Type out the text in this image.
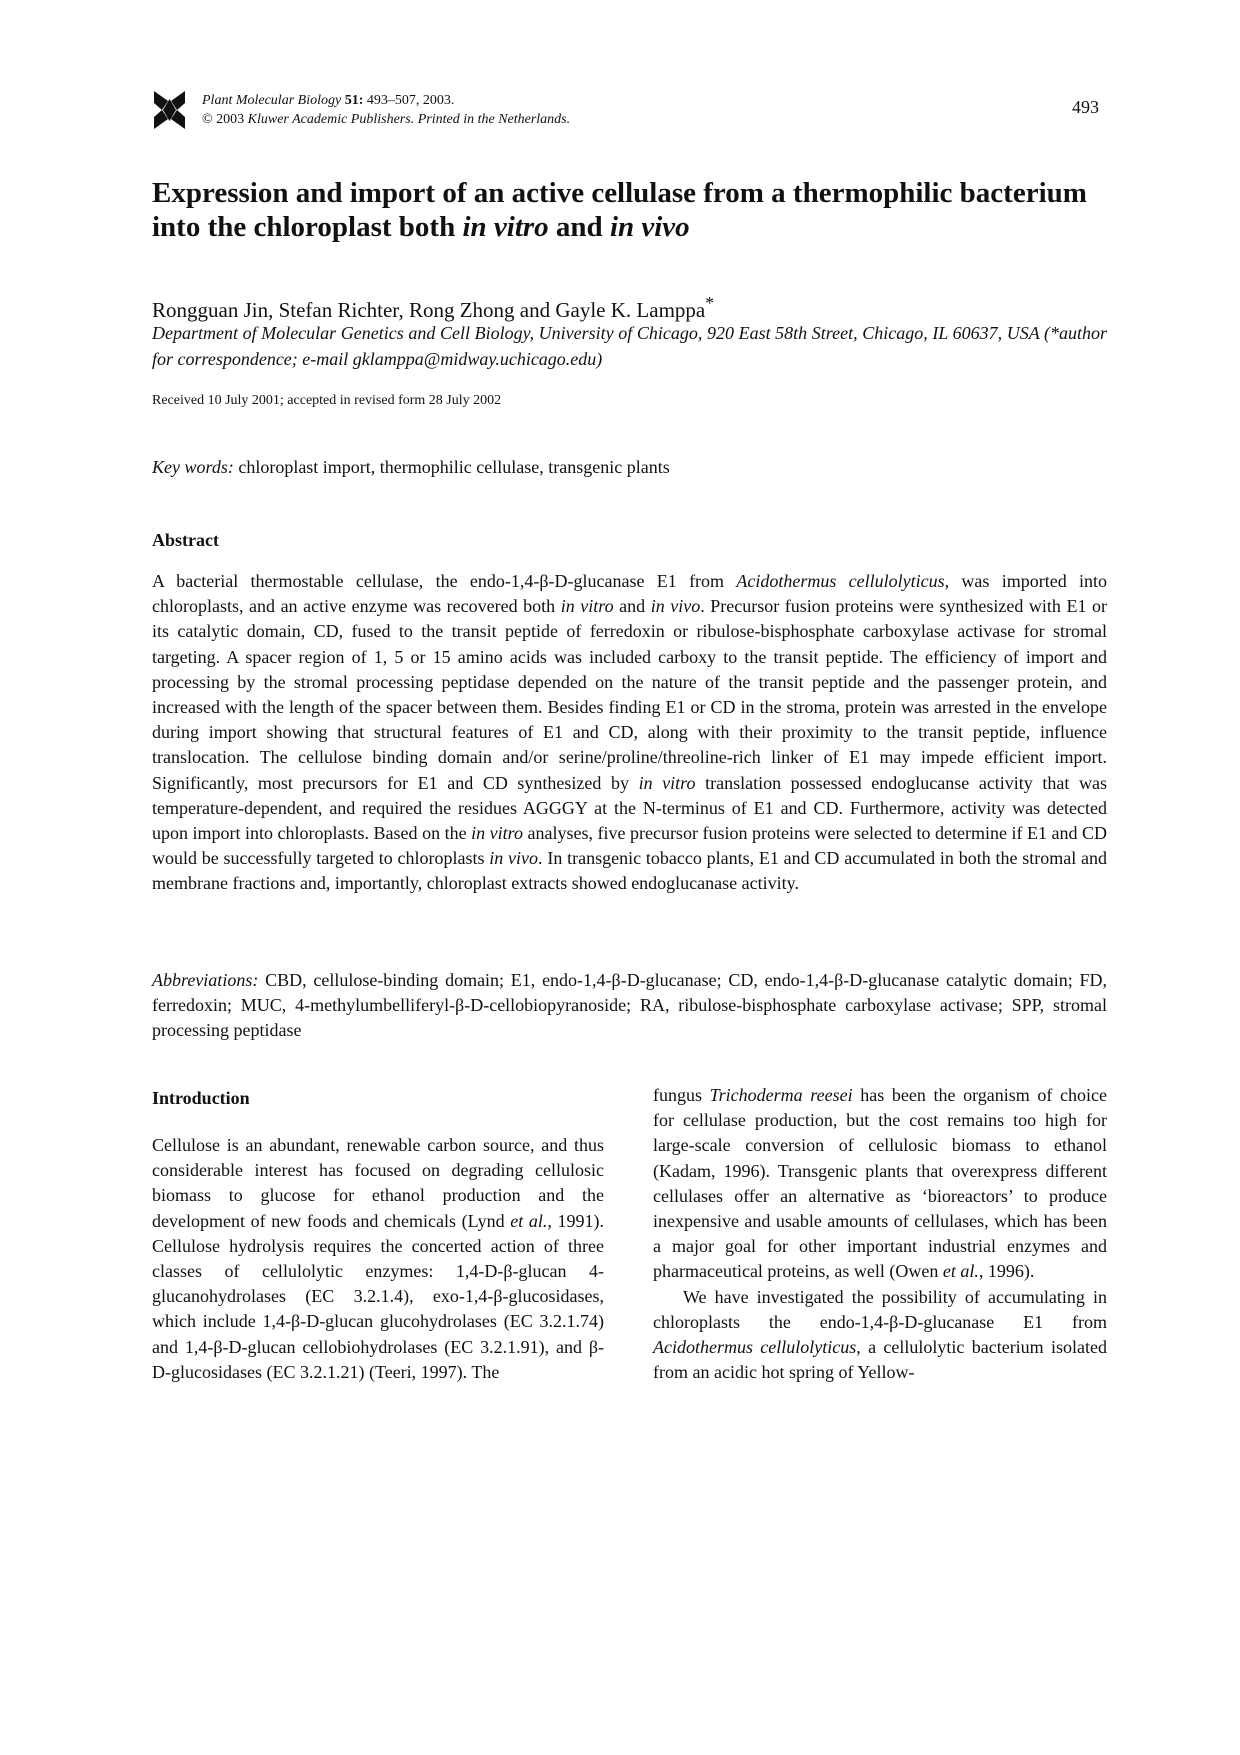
Plant Molecular Biology 51: 493–507, 2003.
© 2003 Kluwer Academic Publishers. Printed in the Netherlands.
493
Expression and import of an active cellulase from a thermophilic bacterium into the chloroplast both in vitro and in vivo
Rongguan Jin, Stefan Richter, Rong Zhong and Gayle K. Lamppa*
Department of Molecular Genetics and Cell Biology, University of Chicago, 920 East 58th Street, Chicago, IL 60637, USA (*author for correspondence; e-mail gklamppa@midway.uchicago.edu)
Received 10 July 2001; accepted in revised form 28 July 2002
Key words: chloroplast import, thermophilic cellulase, transgenic plants
Abstract

A bacterial thermostable cellulase, the endo-1,4-β-D-glucanase E1 from Acidothermus cellulolyticus, was imported into chloroplasts, and an active enzyme was recovered both in vitro and in vivo. Precursor fusion proteins were synthesized with E1 or its catalytic domain, CD, fused to the transit peptide of ferredoxin or ribulose-bisphosphate carboxylase activase for stromal targeting. A spacer region of 1, 5 or 15 amino acids was included carboxy to the transit peptide. The efficiency of import and processing by the stromal processing peptidase depended on the nature of the transit peptide and the passenger protein, and increased with the length of the spacer between them. Besides finding E1 or CD in the stroma, protein was arrested in the envelope during import showing that structural features of E1 and CD, along with their proximity to the transit peptide, influence translocation. The cellulose binding domain and/or serine/proline/threoline-rich linker of E1 may impede efficient import. Significantly, most precursors for E1 and CD synthesized by in vitro translation possessed endoglucanse activity that was temperature-dependent, and required the residues AGGGY at the N-terminus of E1 and CD. Furthermore, activity was detected upon import into chloroplasts. Based on the in vitro analyses, five precursor fusion proteins were selected to determine if E1 and CD would be successfully targeted to chloroplasts in vivo. In transgenic tobacco plants, E1 and CD accumulated in both the stromal and membrane fractions and, importantly, chloroplast extracts showed endoglucanase activity.

Abbreviations: CBD, cellulose-binding domain; E1, endo-1,4-β-D-glucanase; CD, endo-1,4-β-D-glucanase catalytic domain; FD, ferredoxin; MUC, 4-methylumbelliferyl-β-D-cellobiopyranoside; RA, ribulose-bisphosphate carboxylase activase; SPP, stromal processing peptidase

Introduction

Cellulose is an abundant, renewable carbon source, and thus considerable interest has focused on degrading cellulosic biomass to glucose for ethanol production and the development of new foods and chemicals (Lynd et al., 1991). Cellulose hydrolysis requires the concerted action of three classes of cellulolytic enzymes: 1,4-D-β-glucan 4-glucanohydrolases (EC 3.2.1.4), exo-1,4-β-glucosidases, which include 1,4-β-D-glucan glucohydrolases (EC 3.2.1.74) and 1,4-β-D-glucan cellobiohydrolases (EC 3.2.1.91), and β-D-glucosidases (EC 3.2.1.21) (Teeri, 1997). The

fungus Trichoderma reesei has been the organism of choice for cellulase production, but the cost remains too high for large-scale conversion of cellulosic biomass to ethanol (Kadam, 1996). Transgenic plants that overexpress different cellulases offer an alternative as ‘bioreactors’ to produce inexpensive and usable amounts of cellulases, which has been a major goal for other important industrial enzymes and pharmaceutical proteins, as well (Owen et al., 1996).
We have investigated the possibility of accumulating in chloroplasts the endo-1,4-β-D-glucanase E1 from Acidothermus cellulolyticus, a cellulolytic bacterium isolated from an acidic hot spring of Yellow-
